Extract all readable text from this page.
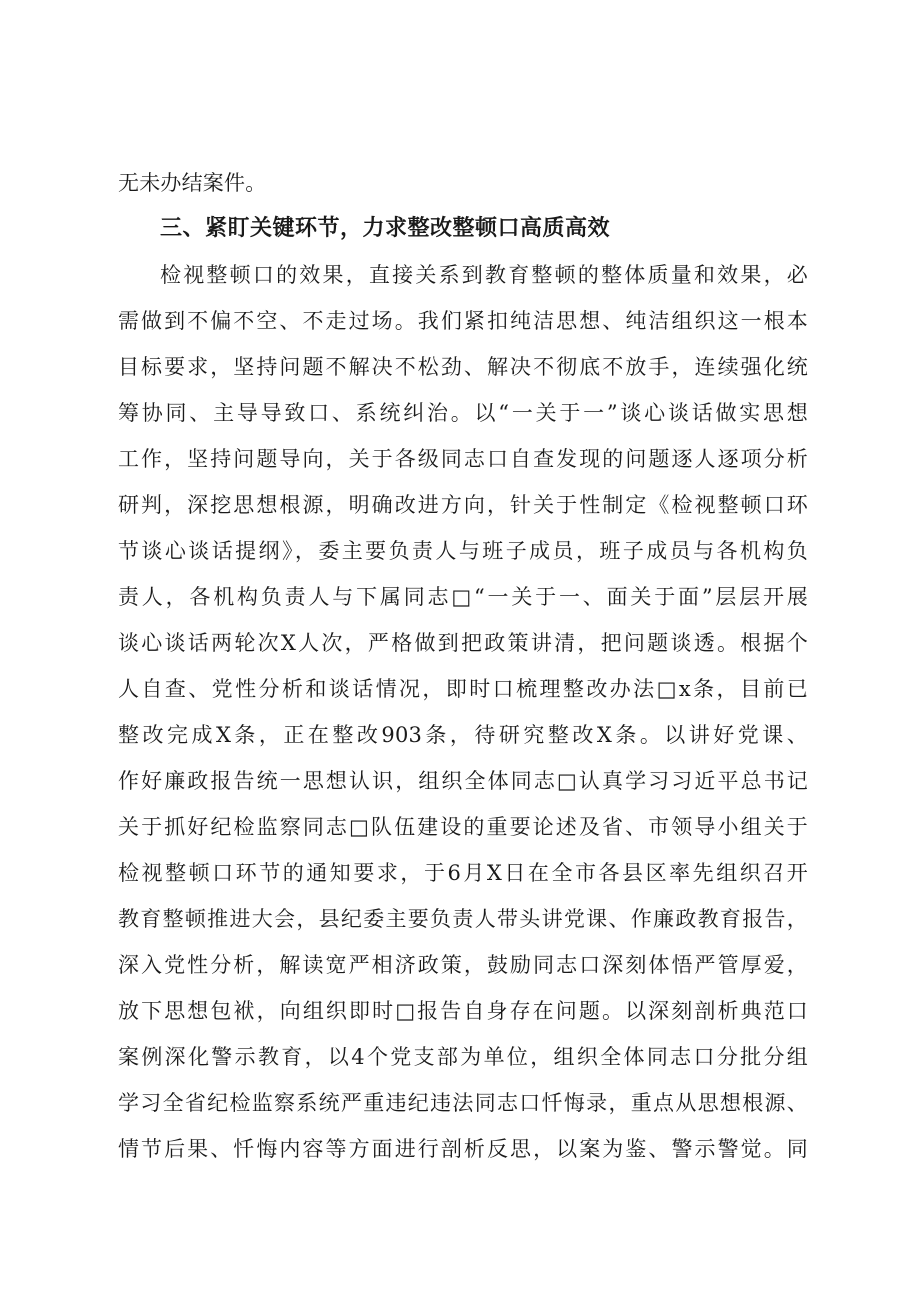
无未办结案件。
三、紧盯关键环节，力求整改整顿口高质高效
检视整顿口的效果，直接关系到教育整顿的整体质量和效果，必
需做到不偏不空、不走过场。我们紧扣纯洁思想、纯洁组织这一根本
目标要求，坚持问题不解决不松劲、解决不彻底不放手，连续强化统
筹协同、主导导致口、系统纠治。以“一关于一”谈心谈话做实思想
工作，坚持问题导向，关于各级同志口自查发现的问题逐人逐项分析
研判，深挖思想根源，明确改进方向，针关于性制定《检视整顿口环
节谈心谈话提纲》，委主要负责人与班子成员，班子成员与各机构负
责人，各机构负责人与下属同志□“一关于一、面关于面”层层开展
谈心谈话两轮次X人次，严格做到把政策讲清，把问题谈透。根据个
人自查、党性分析和谈话情况，即时口梳理整改办法□x条，目前已
整改完成X条，正在整改903条，待研究整改X条。以讲好党课、
作好廉政报告统一思想认识，组织全体同志□认真学习习近平总书记
关于抓好纪检监察同志□队伍建设的重要论述及省、市领导小组关于
检视整顿口环节的通知要求，于6月X日在全市各县区率先组织召开
教育整顿推进大会，县纪委主要负责人带头讲党课、作廉政教育报告，
深入党性分析，解读宽严相济政策，鼓励同志口深刻体悟严管厚爱，
放下思想包袱，向组织即时□报告自身存在问题。以深刻剖析典范口
案例深化警示教育，以4个党支部为单位，组织全体同志口分批分组
学习全省纪检监察系统严重违纪违法同志口忏悔录，重点从思想根源、
情节后果、忏悔内容等方面进行剖析反思，以案为鉴、警示警觉。同
